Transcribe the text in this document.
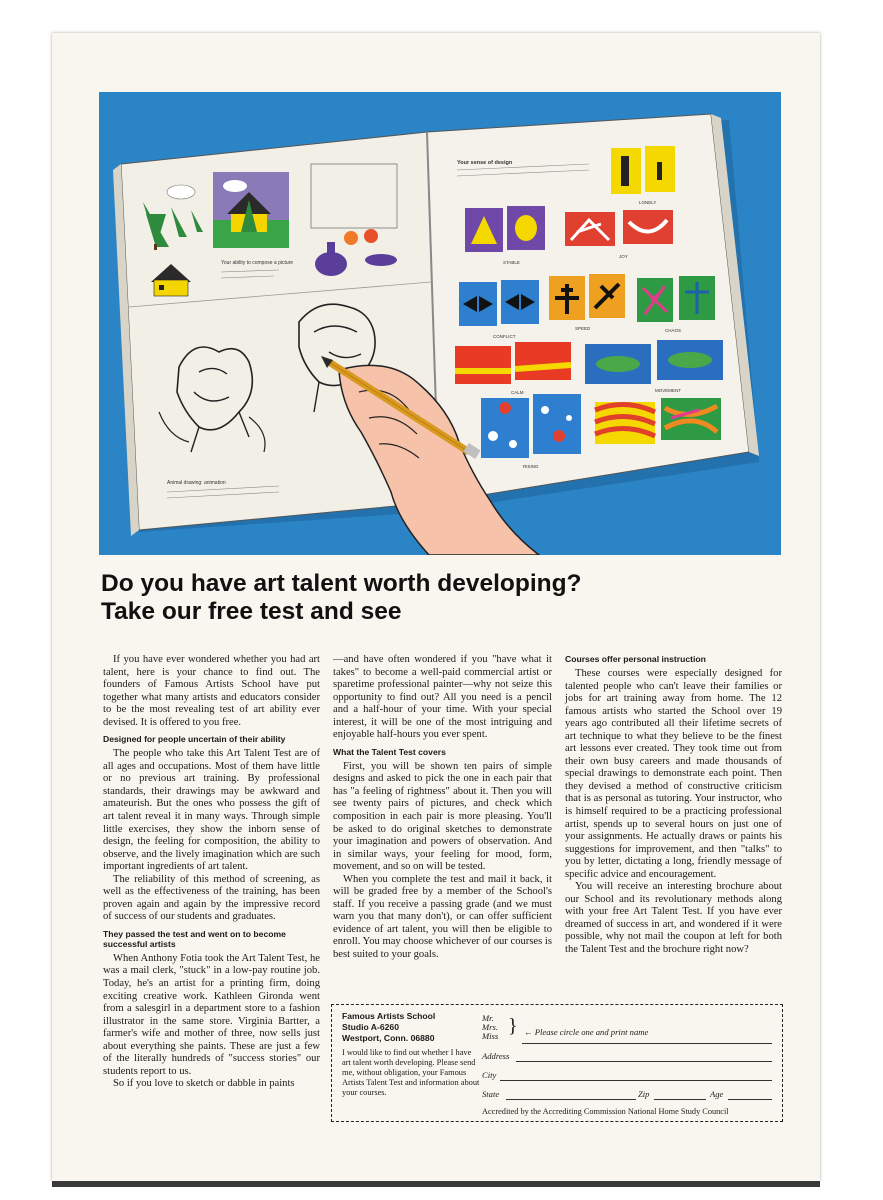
Your ability to compose a picture
Animal drawing: animation
Your sense of design
LONELY
STABLE
JOY
CONFLICT
SPEED	CHAOS
CALM	MOVEMENT
RISING
Do you have art talent worth developing?
Take our free test and see

If you have ever wondered whether you had art talent, here is your chance to find out. The founders of Famous Artists School have put together what many artists and educators consider to be the most revealing test of art ability ever devised. It is offered to you free.

Designed for people uncertain of their ability

The people who take this Art Talent Test are of all ages and occupations. Most of them have little or no previous art training. By professional standards, their drawings may be awkward and amateurish. But the ones who possess the gift of art talent reveal it in many ways. Through simple little exercises, they show the inborn sense of design, the feeling for composition, the ability to observe, and the lively imagination which are such important ingredients of art talent.

The reliability of this method of screening, as well as the effectiveness of the training, has been proven again and again by the impressive record of success of our students and graduates.

They passed the test and went on to become successful artists

When Anthony Fotia took the Art Talent Test, he was a mail clerk, "stuck" in a low-pay routine job. Today, he's an artist for a printing firm, doing exciting creative work. Kathleen Gironda went from a salesgirl in a department store to a fashion illustrator in the same store. Virginia Bartter, a farmer's wife and mother of three, now sells just about everything she paints. These are just a few of the literally hundreds of "success stories" our students report to us.

So if you love to sketch or dabble in paints

—and have often wondered if you "have what it takes" to become a well-paid commercial artist or sparetime professional painter—why not seize this opportunity to find out? All you need is a pencil and a half-hour of your time. With your special interest, it will be one of the most intriguing and enjoyable half-hours you ever spent.

What the Talent Test covers

First, you will be shown ten pairs of simple designs and asked to pick the one in each pair that has "a feeling of rightness" about it. Then you will see twenty pairs of pictures, and check which composition in each pair is more pleasing. You'll be asked to do original sketches to demonstrate your imagination and powers of observation. And in similar ways, your feeling for mood, form, movement, and so on will be tested.

When you complete the test and mail it back, it will be graded free by a member of the School's staff. If you receive a passing grade (and we must warn you that many don't), or can offer sufficient evidence of art talent, you will then be eligible to enroll. You may choose whichever of our courses is best suited to your goals.

Courses offer personal instruction

These courses were especially designed for talented people who can't leave their families or jobs for art training away from home. The 12 famous artists who started the School over 19 years ago contributed all their lifetime secrets of art technique to what they believe to be the finest art lessons ever created. They took time out from their own busy careers and made thousands of special drawings to demonstrate each point. Then they devised a method of constructive criticism that is as personal as tutoring. Your instructor, who is himself required to be a practicing professional artist, spends up to several hours on just one of your assignments. He actually draws or paints his suggestions for improvement, and then "talks" to you by letter, dictating a long, friendly message of specific advice and encouragement.

You will receive an interesting brochure about our School and its revolutionary methods along with your free Art Talent Test. If you have ever dreamed of success in art, and wondered if it were possible, why not mail the coupon at left for both the Talent Test and the brochure right now?

Famous Artists School
Studio A-6260
Westport, Conn. 06880
I would like to find out whether I have art talent worth developing. Please send me, without obligation, your Famous Artists Talent Test and information about your courses.
Mr.
Mrs.
Miss } ← Please circle one and print name
Address
City
State	Zip	Age
Accredited by the Accrediting Commission National Home Study Council
